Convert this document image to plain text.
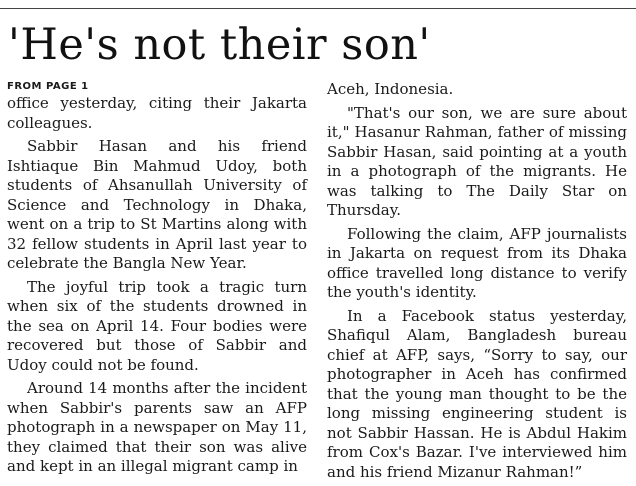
'He's not their son'
FROM PAGE 1

office yesterday, citing their Jakarta colleagues.

Sabbir Hasan and his friend Ishtiaque Bin Mahmud Udoy, both students of Ahsanullah University of Science and Technology in Dhaka, went on a trip to St Martins along with 32 fellow students in April last year to celebrate the Bangla New Year.

The joyful trip took a tragic turn when six of the students drowned in the sea on April 14. Four bodies were recovered but those of Sabbir and Udoy could not be found.

Around 14 months after the incident when Sabbir's parents saw an AFP photograph in a newspaper on May 11, they claimed that their son was alive and kept in an illegal migrant camp in

Aceh, Indonesia.

"That's our son, we are sure about it," Hasanur Rahman, father of missing Sabbir Hasan, said pointing at a youth in a photograph of the migrants. He was talking to The Daily Star on Thursday.

Following the claim, AFP journalists in Jakarta on request from its Dhaka office travelled long distance to verify the youth's identity.

In a Facebook status yesterday, Shafiqul Alam, Bangladesh bureau chief at AFP, says, “Sorry to say, our photographer in Aceh has confirmed that the young man thought to be the long missing engineering student is not Sabbir Hassan. He is Abdul Hakim from Cox's Bazar. I've interviewed him and his friend Mizanur Rahman!”
